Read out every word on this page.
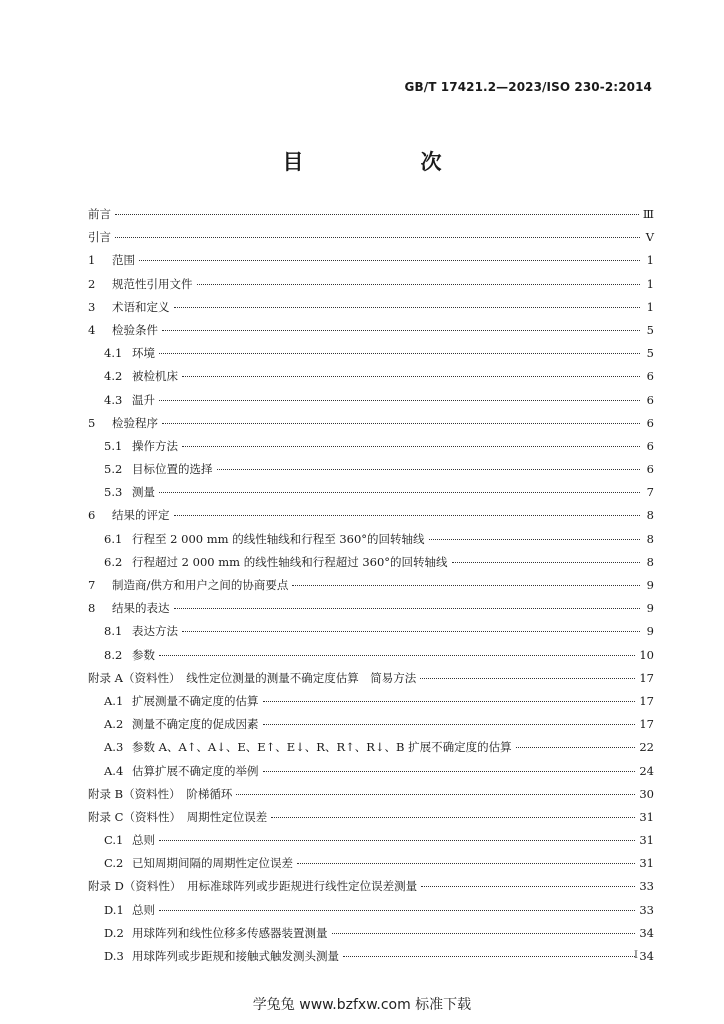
GB/T 17421.2—2023/ISO 230-2:2014
目　次
前言	Ⅲ
引言	Ⅴ
1	范围	1
2	规范性引用文件	1
3	术语和定义	1
4	检验条件	5
4.1 环境	5
4.2 被检机床	6
4.3 温升	6
5	检验程序	6
5.1 操作方法	6
5.2 目标位置的选择	6
5.3 测量	7
6	结果的评定	8
6.1 行程至 2 000 mm 的线性轴线和行程至 360°的回转轴线	8
6.2 行程超过 2 000 mm 的线性轴线和行程超过 360°的回转轴线	8
7	制造商/供方和用户之间的协商要点	9
8	结果的表达	9
8.1 表达方法	9
8.2 参数	10
附录 A（资料性）　线性定位测量的测量不确定度估算　简易方法	17
A.1 扩展测量不确定度的估算	17
A.2 测量不确定度的促成因素	17
A.3 参数 A、A↑、A↓、E、E↑、E↓、R、R↑、R↓、B 扩展不确定度的估算	22
A.4 估算扩展不确定度的举例	24
附录 B（资料性）　阶梯循环	30
附录 C（资料性）　周期性定位误差	31
C.1 总则	31
C.2 已知周期间隔的周期性定位误差	31
附录 D（资料性）　用标准球阵列或步距规进行线性定位误差测量	33
D.1 总则	33
D.2 用球阵列和线性位移多传感器装置测量	34
D.3 用球阵列或步距规和接触式触发测头测量	34
I
学兔兔 www.bzfxw.com 标准下载
